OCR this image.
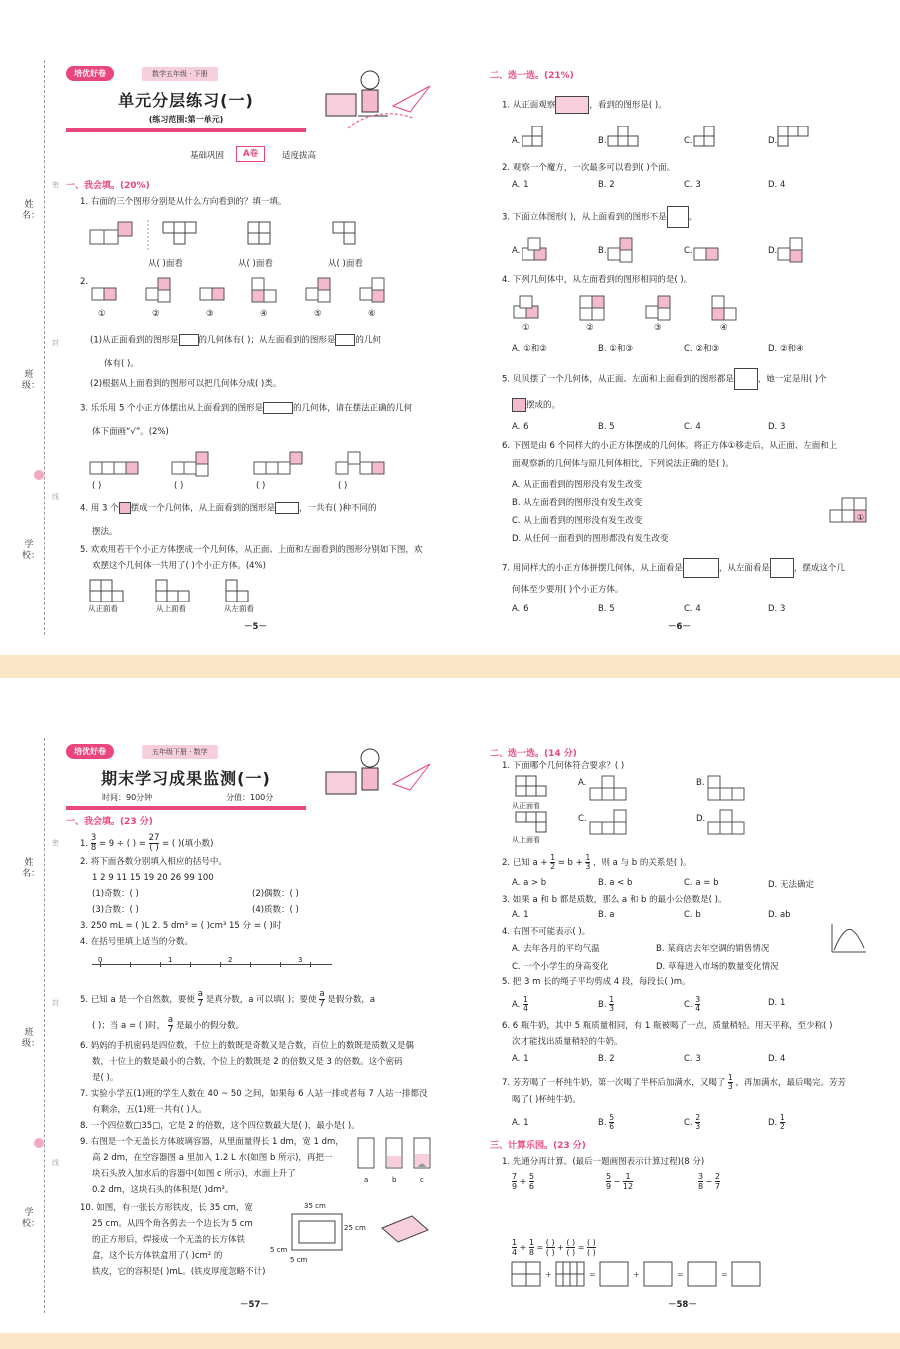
姓名：
班级：
学校：
密
封
线
培优好卷	数学五年级 · 下册
单元分层练习(一)
(练习范围:第一单元)
基础巩固	A卷	适度拔高
一、我会填。(20%)
1. 右面的三个图形分别是从什么方向看到的？填一填。
从( )面看	从( )面看	从( )面看
2.
①	②	③	④	⑤	⑥
(1)从正面看到的图形是 的几何体有( )；从左面看到的图形是 的几何
体有( )。
(2)根据从上面看到的图形可以把几何体分成( )类。
3. 乐乐用 5 个小正方体摆出从上面看到的图形是	的几何体，请在摆法正确的几何
体下面画“√”。(2%)
( )	( )	( )	( )
4. 用 3 个 摆成一个几何体，从上面看到的图形是	，一共有( )种不同的
摆法。
5. 欢欢用若干个小正方体摆成一个几何体，从正面、上面和左面看到的图形分别如下图，欢
欢摆这个几何体一共用了( )个小正方体。(4%)
从正面看	从上面看	从左面看
－5－
二、选一选。(21%)
1. 从正面观察	，看到的图形是( )。
A.	B.	C.	D.
2. 观察一个魔方，一次最多可以看到( )个面。
A. 1	B. 2	C. 3	D. 4
3. 下面立体图形( )，从上面看到的图形不是	。
A.	B.	C.	D.
4. 下列几何体中，从左面看到的图形相同的是( )。
①	②	③	④
A. ①和②	B. ①和③	C. ②和③	D. ②和④
5. 贝贝摆了一个几何体，从正面、左面和上面看到的图形都是	，她一定是用( )个
摆成的。
A. 6	B. 5	C. 4	D. 3
6. 下图是由 6 个同样大的小正方体摆成的几何体。将正方体①移走后，从正面、左面和上
面观察新的几何体与原几何体相比，下列说法正确的是( )。
A. 从正面看到的图形没有发生改变
B. 从左面看到的图形没有发生改变
C. 从上面看到的图形没有发生改变
D. 从任何一面看到的图形都没有发生改变
①
7. 用同样大的小正方体拼摆几何体，从上面看是	，从左面看是	，摆成这个几
何体至少要用( )个小正方体。
A. 6	B. 5	C. 4	D. 3
－6－
姓名：
班级：
学校：
密
封
线
培优好卷	五年级下册 · 数学
期末学习成果监测(一)
时间：90分钟	分值：100分
一、我会填。(23 分)
1. $\frac{3}{8} = 9$ ÷ ( ) =
27
( ) = ( )(填小数)
2. 将下面各数分别填入相应的括号中。
1 2 9 11 15 19 20 26 99 100
(1)奇数：( )	(2)偶数：( )
(3)合数：( )	(4)质数：( )
3. 250 mL = ( )L 2. 5 dm³ = ( )cm³ 15 分 = ( )时
4. 在括号里填上适当的分数。
0	1	2	3
5. 已知 a 是一个自然数，要使 $\frac{a}{7}$ 是真分数，a 可以填( )；要使 $\frac{a}{7}$ 是假分数，a
( )；当 a = ( )时， $\frac{a}{7}$ 是最小的假分数。
6. 妈妈的手机密码是四位数，千位上的数既是奇数又是合数，百位上的数既是质数又是偶
数，十位上的数是最小的合数，个位上的数既是 2 的倍数又是 3 的倍数。这个密码
是( )。
7. 实验小学五(1)班的学生人数在 40 ~ 50 之间，如果每 6 人站一排或者每 7 人站一排都没
有剩余，五(1)班一共有( )人。
8. 一个四位数□35□，它是 2 的倍数，这个四位数最大是( )，最小是( )。
9. 右图是一个无盖长方体玻璃容器，从里面量得长 1 dm，宽 1 dm，
高 2 dm，在空容器图 a 里加入 1.2 L 水(如图 b 所示)，再把一
块石头放入加水后的容器中(如图 c 所示)，水面上升了
0.2 dm，这块石头的体积是( )dm³。
a	b	c
10. 如图，有一张长方形铁皮，长 35 cm，宽
25 cm。从四个角各剪去一个边长为 5 cm
的正方形后，焊接成一个无盖的长方体铁
盒，这个长方体铁盒用了( )cm² 的
铁皮，它的容积是( )mL。(铁皮厚度忽略不计)
35 cm
25 cm
5 cm
5 cm
－57－
二、选一选。(14 分)
1. 下面哪个几何体符合要求？( )
从正面看
从上面看
A.	B.
C.	D.
2. 已知 $a + \frac{1}{2} = b + \frac{1}{3}$ ，则 a 与 b 的关系是( )。
A. a > b	B. a < b	C. a = b	D. 无法确定
3. 如果 a 和 b 都是质数，那么 a 和 b 的最小公倍数是( )。
A. 1	B. a	C. b	D. ab
4. 右图不可能表示( )。
A. 去年各月的平均气温	B. 某商店去年空调的销售情况
C. 一个小学生的身高变化	D. 草莓进入市场的数量变化情况
5. 把 3 m 长的绳子平均剪成 4 段，每段长( )m。
A. $\frac{1}{4}$	B. $\frac{1}{3}$	C. $\frac{3}{4}$	D. 1
6. 6 瓶牛奶，其中 5 瓶质量相同，有 1 瓶被喝了一点，质量稍轻。用天平称，至少称( )
次才能找出质量稍轻的牛奶。
A. 1	B. 2	C. 3	D. 4
7. 芳芳喝了一杯纯牛奶，第一次喝了半杯后加满水，又喝了 $\frac{1}{3}$ ，再加满水，最后喝完。芳芳
喝了( )杯纯牛奶。
A. 1	B. $\frac{5}{6}$	C. $\frac{2}{3}$	D. $\frac{1}{2}$
三、计算乐园。(23 分)
1. 先通分再计算。(最后一题画图表示计算过程)(8 分)
$\frac{7}{9} + \frac{5}{6}$	$\frac{5}{9} - \frac{1}{12}$	$\frac{3}{8} - \frac{2}{7}$
$\frac{1}{4} + \frac{1}{8}$ =
( )
( )
+
( )
( )
=
( )
( )
+	=	+	=	=
－58－
